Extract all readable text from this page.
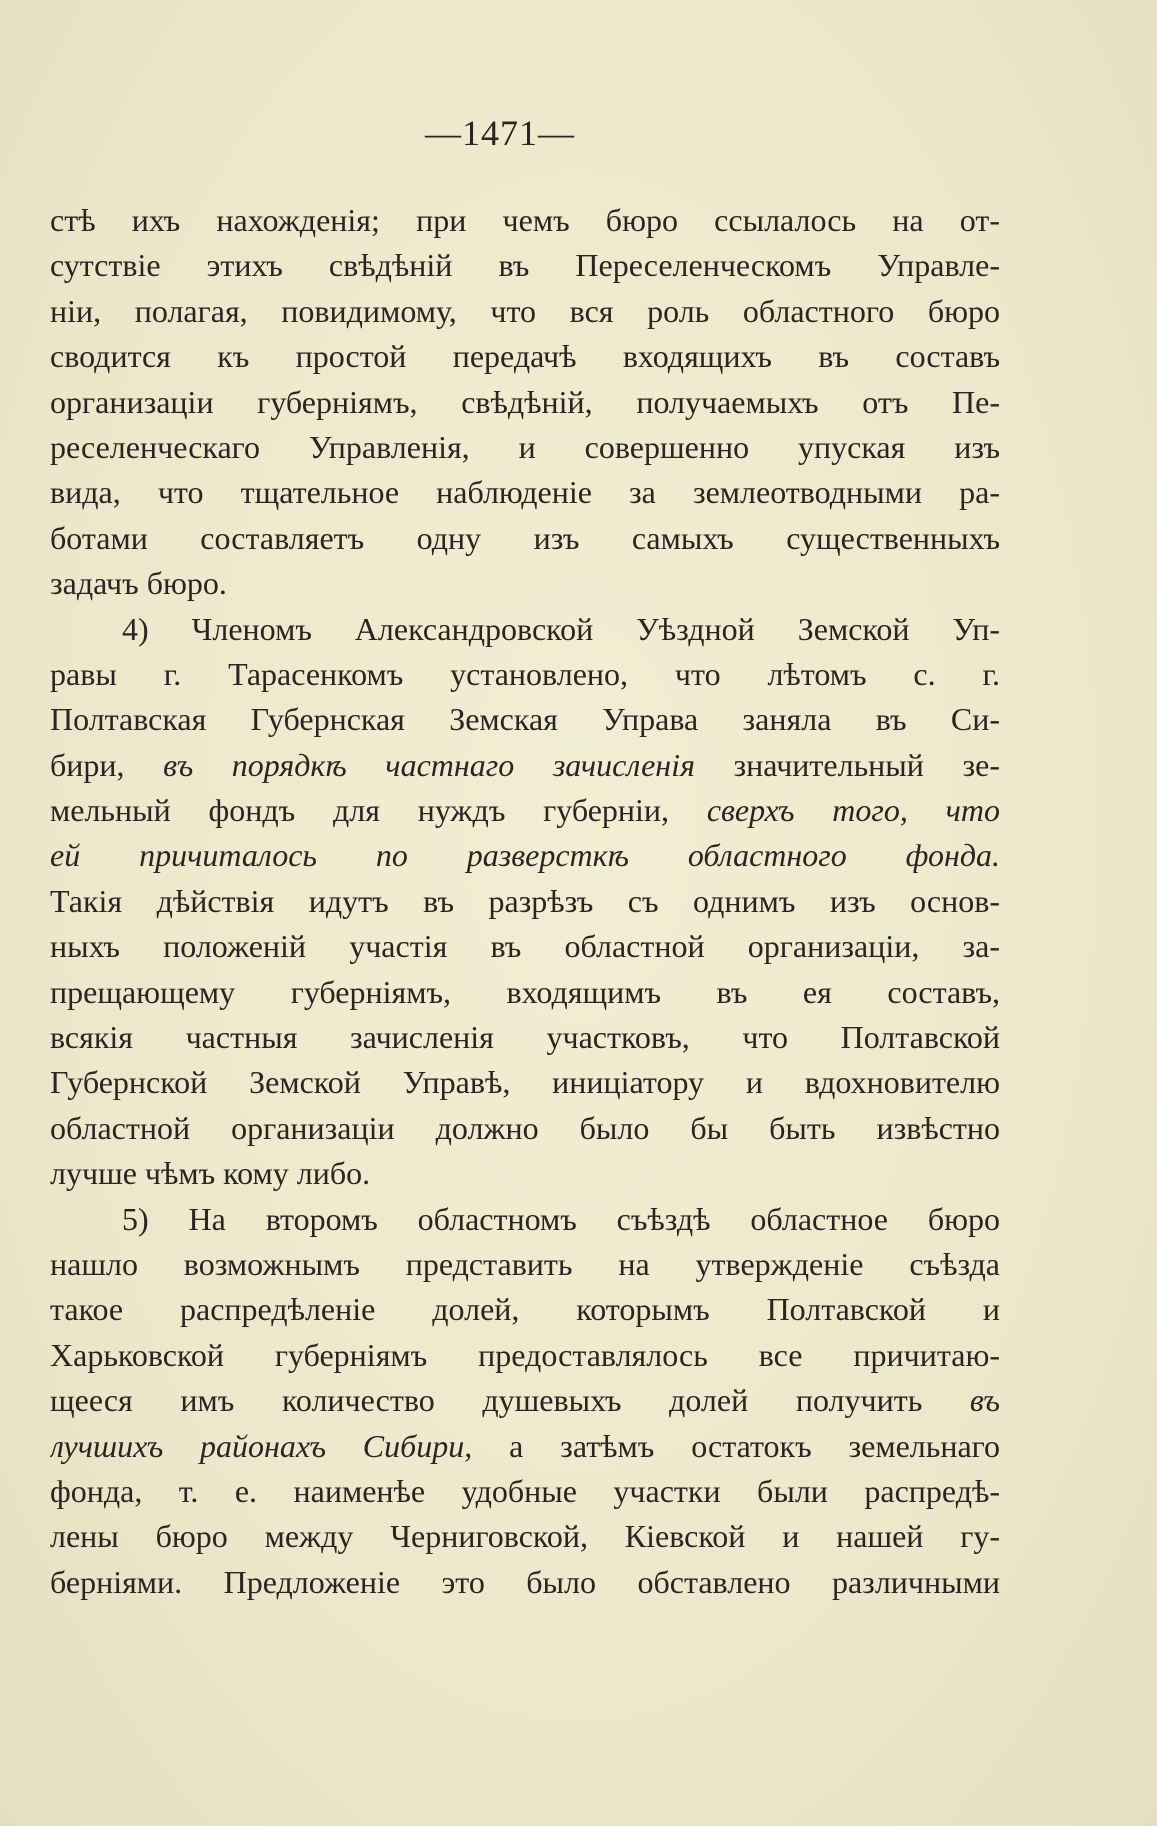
—1471—
стѣ ихъ нахожденія; при чемъ бюро ссылалось на от-
сутствіе этихъ свѣдѣній въ Переселенческомъ Управле-
ніи, полагая, повидимому, что вся роль областного бюро
сводится къ простой передачѣ входящихъ въ составъ
организаціи губерніямъ, свѣдѣній, получаемыхъ отъ Пе-
реселенческаго Управленія, и совершенно упуская изъ
вида, что тщательное наблюденіе за землеотводными ра-
ботами составляетъ одну изъ самыхъ существенныхъ
задачъ бюро.
4) Членомъ Александровской Уѣздной Земской Уп-
равы г. Тарасенкомъ установлено, что лѣтомъ с. г.
Полтавская Губернская Земская Управа заняла въ Си-
бири, въ порядкѣ частнаго зачисленія значительный зе-
мельный фондъ для нуждъ губерніи, сверхъ того, что
ей причиталось по разверсткѣ областного фонда.
Такія дѣйствія идутъ въ разрѣзъ съ однимъ изъ основ-
ныхъ положеній участія въ областной организаціи, за-
прещающему губерніямъ, входящимъ въ ея составъ,
всякія частныя зачисленія участковъ, что Полтавской
Губернской Земской Управѣ, иниціатору и вдохновителю
областной организаціи должно было бы быть извѣстно
лучше чѣмъ кому либо.
5) На второмъ областномъ съѣздѣ областное бюро
нашло возможнымъ представить на утвержденіе съѣзда
такое распредѣленіе долей, которымъ Полтавской и
Харьковской губерніямъ предоставлялось все причитаю-
щееся имъ количество душевыхъ долей получить въ
лучшихъ районахъ Сибири, а затѣмъ остатокъ земельнаго
фонда, т. е. наименѣе удобные участки были распредѣ-
лены бюро между Черниговской, Кіевской и нашей гу-
берніями. Предложеніе это было обставлено различными
